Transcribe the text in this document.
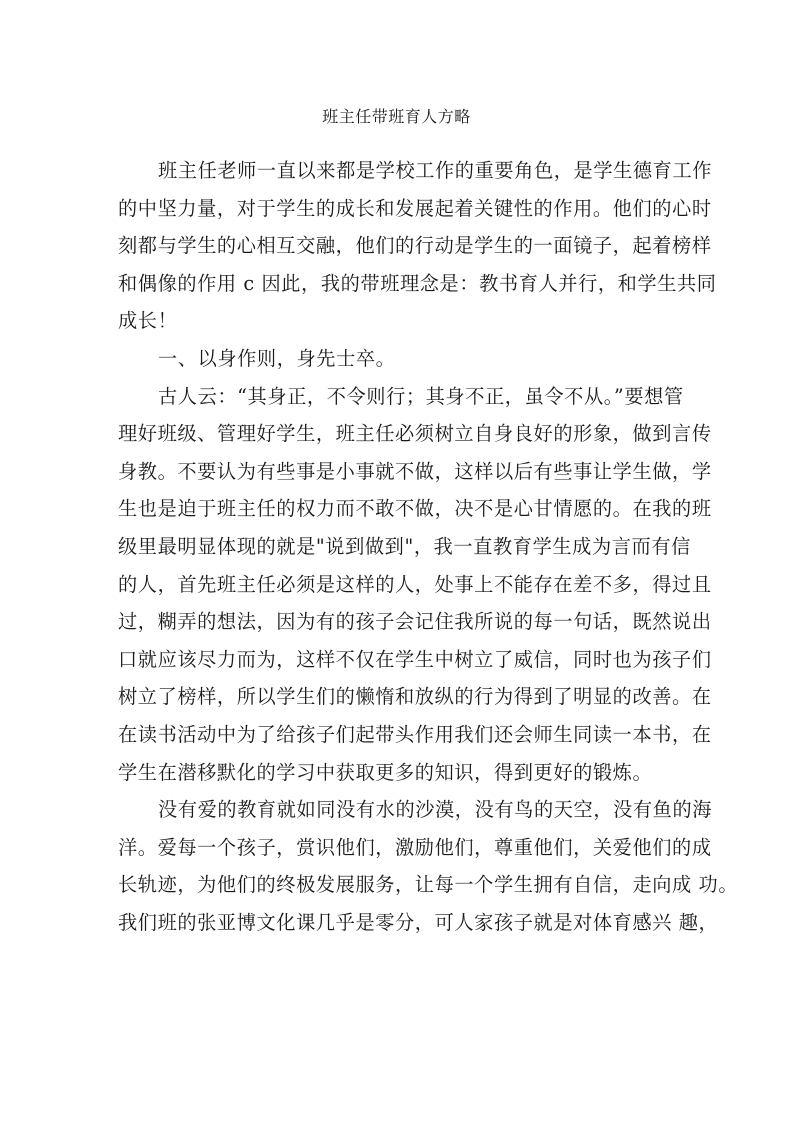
班主任带班育人方略
班主任老师一直以来都是学校工作的重要角色，是学生德育工作
的中坚力量，对于学生的成长和发展起着关键性的作用。他们的心时
刻都与学生的心相互交融，他们的行动是学生的一面镜子，起着榜样
和偶像的作用 c 因此，我的带班理念是：教书育人并行，和学生共同
成长！
一、以身作则，身先士卒。
古人云：“其身正，不令则行；其身不正，虽令不从。”要想管
理好班级、管理好学生，班主任必须树立自身良好的形象，做到言传
身教。不要认为有些事是小事就不做，这样以后有些事让学生做，学
生也是迫于班主任的权力而不敢不做，决不是心甘情愿的。在我的班
级里最明显体现的就是"说到做到"，我一直教育学生成为言而有信
的人，首先班主任必须是这样的人，处事上不能存在差不多，得过且
过，糊弄的想法，因为有的孩子会记住我所说的每一句话，既然说出
口就应该尽力而为，这样不仅在学生中树立了威信，同时也为孩子们
树立了榜样，所以学生们的懒惰和放纵的行为得到了明显的改善。在
在读书活动中为了给孩子们起带头作用我们还会师生同读一本书，在
学生在潜移默化的学习中获取更多的知识，得到更好的锻炼。
没有爱的教育就如同没有水的沙漠，没有鸟的天空，没有鱼的海
洋。爱每一个孩子，赏识他们，激励他们，尊重他们，关爱他们的成
长轨迹，为他们的终极发展服务，让每一个学生拥有自信，走向成 功。
我们班的张亚博文化课几乎是零分，可人家孩子就是对体育感兴 趣，
